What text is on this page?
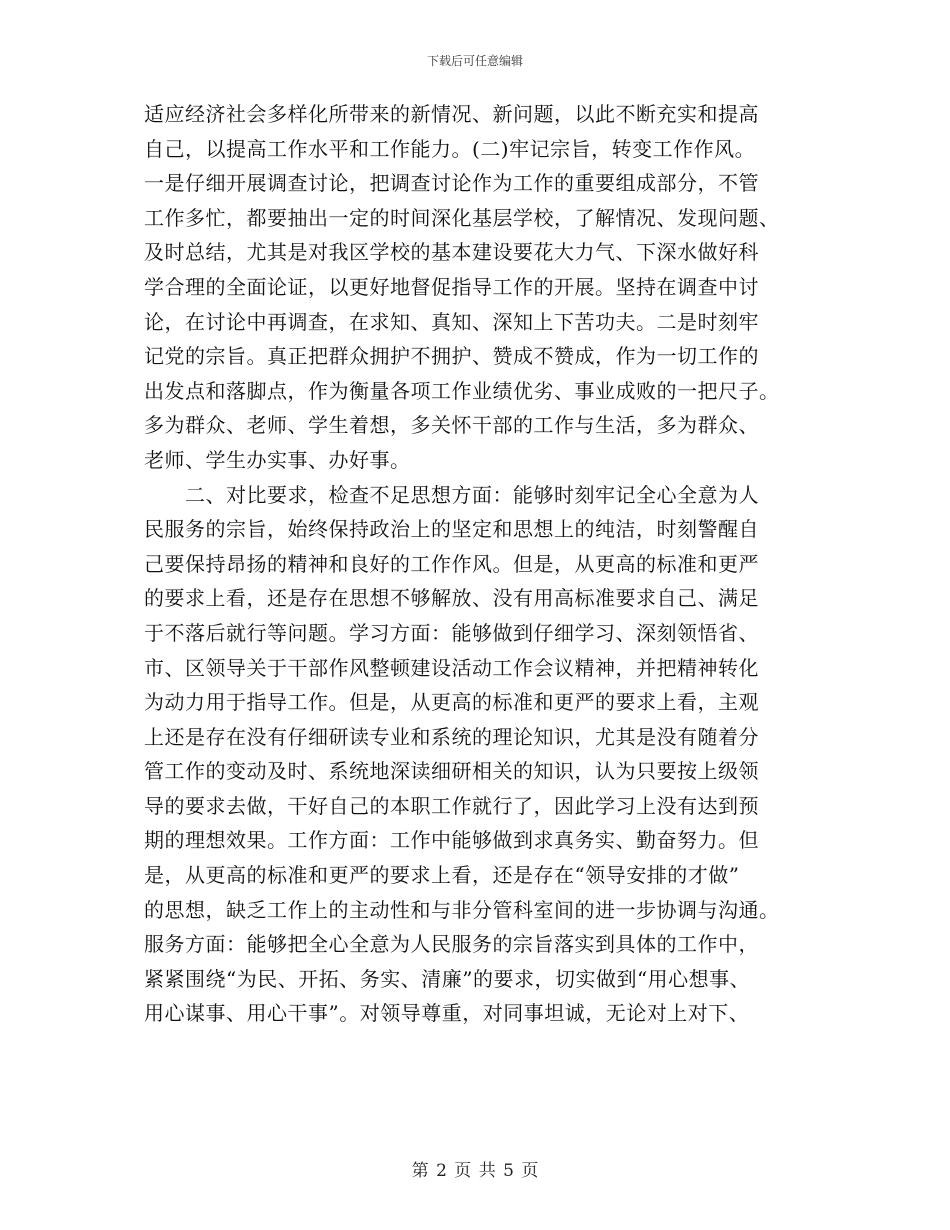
下载后可任意编辑
适应经济社会多样化所带来的新情况、新问题，以此不断充实和提高
自己，以提高工作水平和工作能力。(二)牢记宗旨，转变工作作风。
一是仔细开展调查讨论，把调查讨论作为工作的重要组成部分，不管
工作多忙，都要抽出一定的时间深化基层学校，了解情况、发现问题、
及时总结，尤其是对我区学校的基本建设要花大力气、下深水做好科
学合理的全面论证，以更好地督促指导工作的开展。坚持在调查中讨
论，在讨论中再调查，在求知、真知、深知上下苦功夫。二是时刻牢
记党的宗旨。真正把群众拥护不拥护、赞成不赞成，作为一切工作的
出发点和落脚点，作为衡量各项工作业绩优劣、事业成败的一把尺子。
多为群众、老师、学生着想，多关怀干部的工作与生活，多为群众、
老师、学生办实事、办好事。
　　二、对比要求，检查不足思想方面：能够时刻牢记全心全意为人
民服务的宗旨，始终保持政治上的坚定和思想上的纯洁，时刻警醒自
己要保持昂扬的精神和良好的工作作风。但是，从更高的标准和更严
的要求上看，还是存在思想不够解放、没有用高标准要求自己、满足
于不落后就行等问题。学习方面：能够做到仔细学习、深刻领悟省、
市、区领导关于干部作风整顿建设活动工作会议精神，并把精神转化
为动力用于指导工作。但是，从更高的标准和更严的要求上看，主观
上还是存在没有仔细研读专业和系统的理论知识，尤其是没有随着分
管工作的变动及时、系统地深读细研相关的知识，认为只要按上级领
导的要求去做，干好自己的本职工作就行了，因此学习上没有达到预
期的理想效果。工作方面：工作中能够做到求真务实、勤奋努力。但
是，从更高的标准和更严的要求上看，还是存在“领导安排的才做”
的思想，缺乏工作上的主动性和与非分管科室间的进一步协调与沟通。
服务方面：能够把全心全意为人民服务的宗旨落实到具体的工作中，
紧紧围绕“为民、开拓、务实、清廉”的要求，切实做到“用心想事、
用心谋事、用心干事”。对领导尊重，对同事坦诚，无论对上对下、
第 2 页 共 5 页
